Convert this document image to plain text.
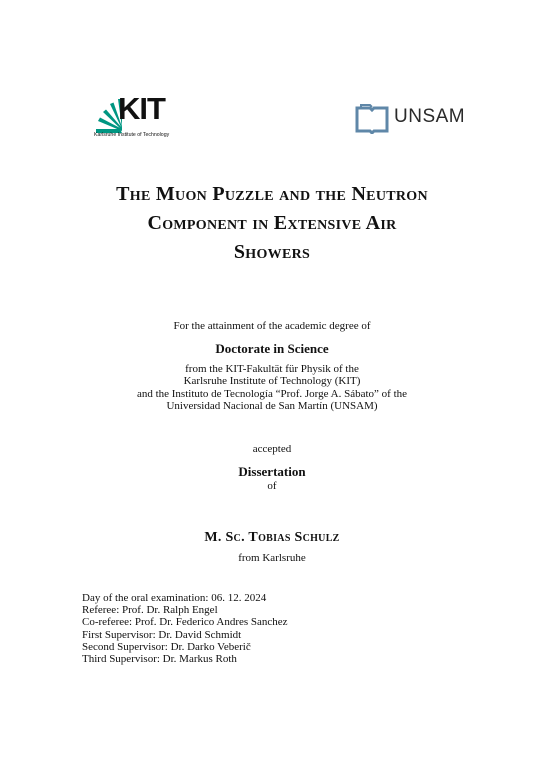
KIT
Karlsruhe Institute of Technology
UNSAM
The Muon Puzzle and the Neutron
Component in Extensive Air
Showers
For the attainment of the academic degree of
Doctorate in Science
from the KIT-Fakultät für Physik of the
Karlsruhe Institute of Technology (KIT)
and the Instituto de Tecnología “Prof. Jorge A. Sábato” of the
Universidad Nacional de San Martín (UNSAM)
accepted
Dissertation
of
M. Sc. Tobias Schulz
from Karlsruhe
Day of the oral examination: 06. 12. 2024
Referee: Prof. Dr. Ralph Engel
Co-referee: Prof. Dr. Federico Andres Sanchez
First Supervisor: Dr. David Schmidt
Second Supervisor: Dr. Darko Veberič
Third Supervisor: Dr. Markus Roth
